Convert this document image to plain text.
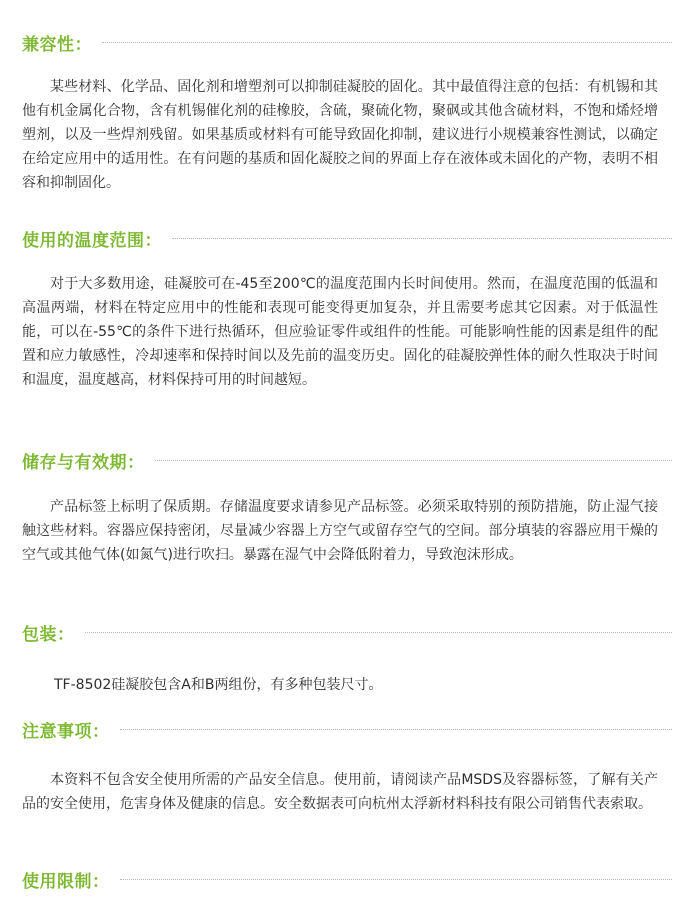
兼容性：

某些材料、化学品、固化剂和增塑剂可以抑制硅凝胶的固化。其中最值得注意的包括：有机锡和其他有机金属化合物，含有机锡催化剂的硅橡胶，含硫，聚硫化物，聚砜或其他含硫材料，不饱和烯烃增塑剂，以及一些焊剂残留。如果基质或材料有可能导致固化抑制，建议进行小规模兼容性测试，以确定在给定应用中的适用性。在有问题的基质和固化凝胶之间的界面上存在液体或未固化的产物，表明不相容和抑制固化。

使用的温度范围：

对于大多数用途，硅凝胶可在-45至200℃的温度范围内长时间使用。然而，在温度范围的低温和高温两端，材料在特定应用中的性能和表现可能变得更加复杂，并且需要考虑其它因素。对于低温性能，可以在-55℃的条件下进行热循环，但应验证零件或组件的性能。可能影响性能的因素是组件的配置和应力敏感性，冷却速率和保持时间以及先前的温变历史。固化的硅凝胶弹性体的耐久性取决于时间和温度，温度越高，材料保持可用的时间越短。

储存与有效期：

产品标签上标明了保质期。存储温度要求请参见产品标签。必须采取特别的预防措施，防止湿气接触这些材料。容器应保持密闭，尽量减少容器上方空气或留存空气的空间。部分填装的容器应用干燥的空气或其他气体(如氮气)进行吹扫。暴露在湿气中会降低附着力，导致泡沫形成。

包装：

TF-8502硅凝胶包含A和B两组份，有多种包装尺寸。

注意事项：

本资料不包含安全使用所需的产品安全信息。使用前，请阅读产品MSDS及容器标签，了解有关产品的安全使用，危害身体及健康的信息。安全数据表可向杭州太浮新材料科技有限公司销售代表索取。

使用限制：
